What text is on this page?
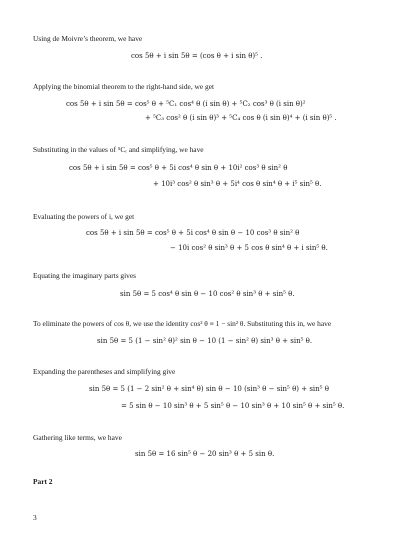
Using de Moivre’s theorem, we have
cos 5θ + i sin 5θ = (cos θ + i sin θ)⁵ .
Applying the binomial theorem to the right-hand side, we get
cos 5θ + i sin 5θ = cos⁵ θ + ⁵C₁ cos⁴ θ (i sin θ) + ⁵C₂ cos³ θ (i sin θ)²
+ ⁵C₃ cos² θ (i sin θ)³ + ⁵C₄ cos θ (i sin θ)⁴ + (i sin θ)⁵ .
Substituting in the values of ⁵Cᵣ and simplifying, we have
cos 5θ + i sin 5θ = cos⁵ θ + 5i cos⁴ θ sin θ + 10i² cos³ θ sin² θ
+ 10i³ cos² θ sin³ θ + 5i⁴ cos θ sin⁴ θ + i⁵ sin⁵ θ.
Evaluating the powers of i, we get
cos 5θ + i sin 5θ = cos⁵ θ + 5i cos⁴ θ sin θ − 10 cos³ θ sin² θ
− 10i cos² θ sin³ θ + 5 cos θ sin⁴ θ + i sin⁵ θ.
Equating the imaginary parts gives
sin 5θ = 5 cos⁴ θ sin θ − 10 cos² θ sin³ θ + sin⁵ θ.
To eliminate the powers of cos θ, we use the identity cos² θ ≡ 1 − sin² θ. Substituting this in, we have
sin 5θ = 5 (1 − sin² θ)² sin θ − 10 (1 − sin² θ) sin³ θ + sin⁵ θ.
Expanding the parentheses and simplifying give
sin 5θ = 5 (1 − 2 sin² θ + sin⁴ θ) sin θ − 10 (sin³ θ − sin⁵ θ) + sin⁵ θ
= 5 sin θ − 10 sin³ θ + 5 sin⁵ θ − 10 sin³ θ + 10 sin⁵ θ + sin⁵ θ.
Gathering like terms, we have
sin 5θ = 16 sin⁵ θ − 20 sin³ θ + 5 sin θ.
Part 2
3
